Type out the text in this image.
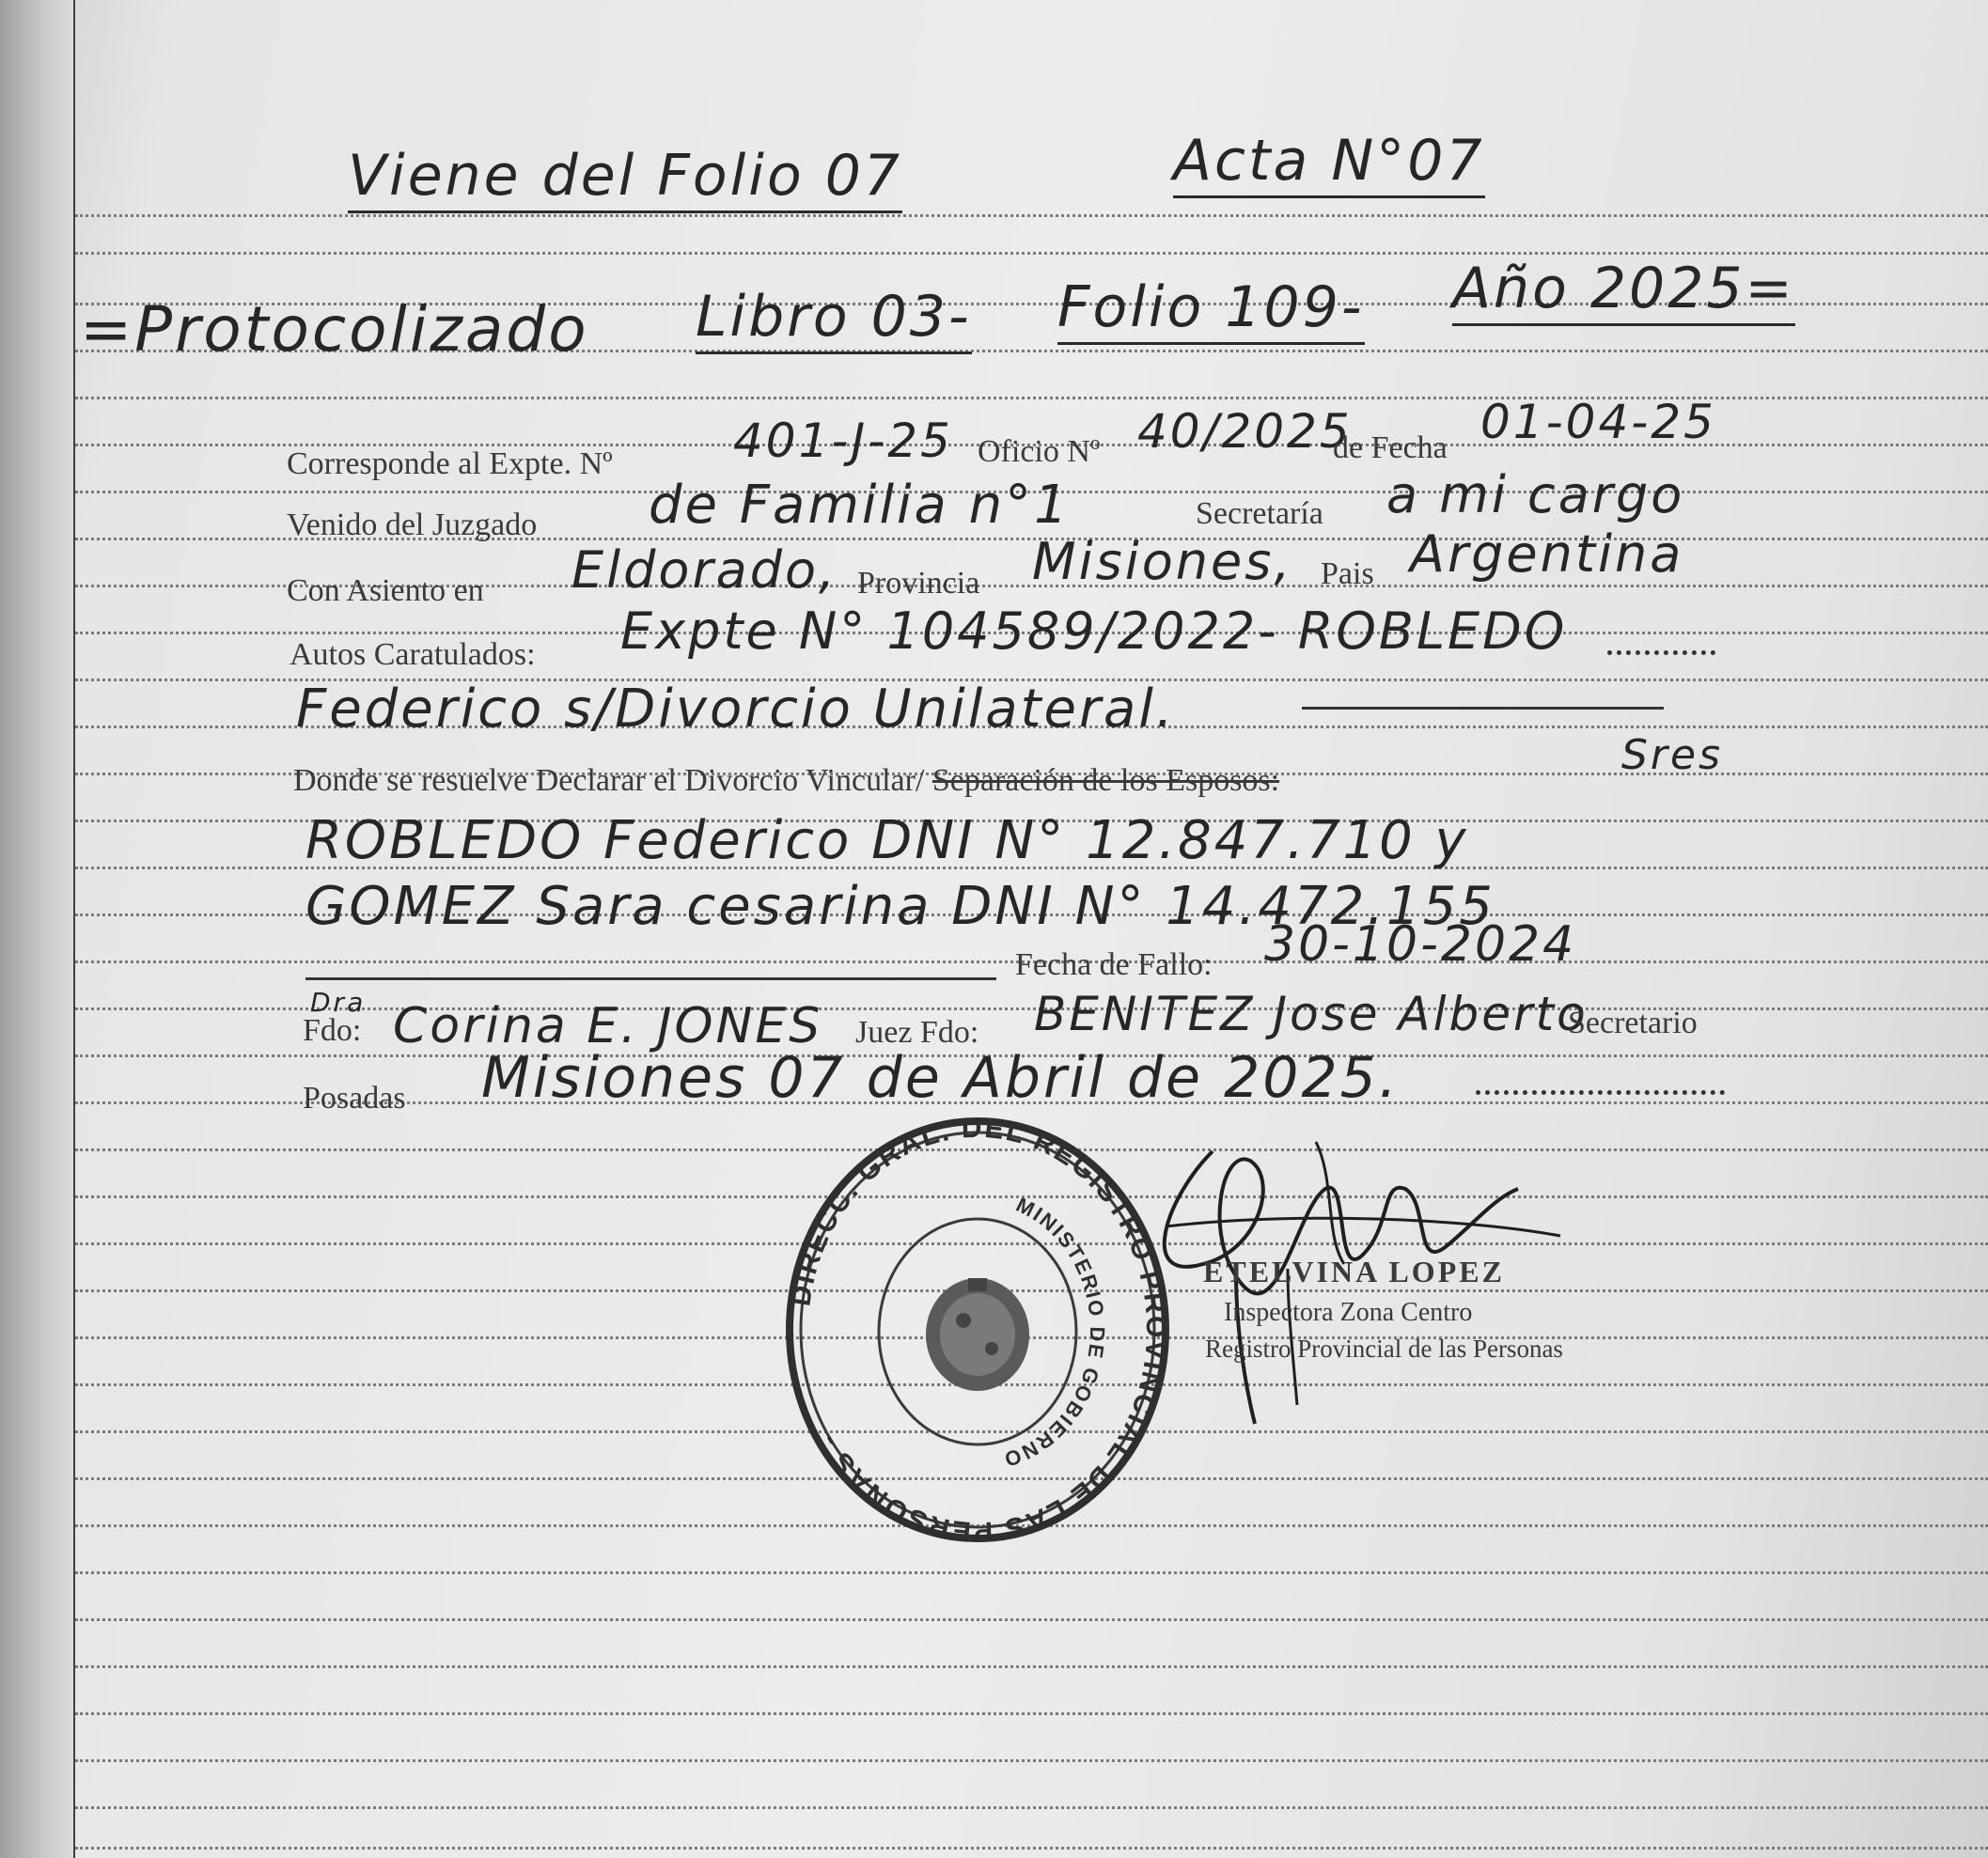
Viene del Folio 07	Acta N°07
=Protocolizado Libro 03- Folio 109- Año 2025=
Corresponde al Expte. Nº	401-J-25 Oficio Nº 40/2025
de Fecha 01-04-25
Venido del Juzgado de Familia n°1	Secretaría a mi cargo
Con Asiento en Eldorado, Provincia Misiones, Pais Argentina
Autos Caratulados: Expte N° 104589/2022- ROBLEDO
Federico s/Divorcio Unilateral.
Donde se resuelve Declarar el Divorcio Vincular/ Separación de los Esposos:
Sres
ROBLEDO Federico DNI N° 12.847.710 y
GOMEZ Sara cesarina DNI N° 14.472.155
Fecha de Fallo: 30-10-2024
Dra
Fdo: Corina E. JONES Juez Fdo: BENITEZ Jose Alberto
Secretario
Posadas Misiones 07 de Abril de 2025.
DIRECC. GRAL. DEL REGISTRO PROVINCIAL DE LAS PERSONAS -
MINISTERIO DE GOBIERNO
ETELVINA LOPEZ
Inspectora Zona Centro
Registro Provincial de las Personas
